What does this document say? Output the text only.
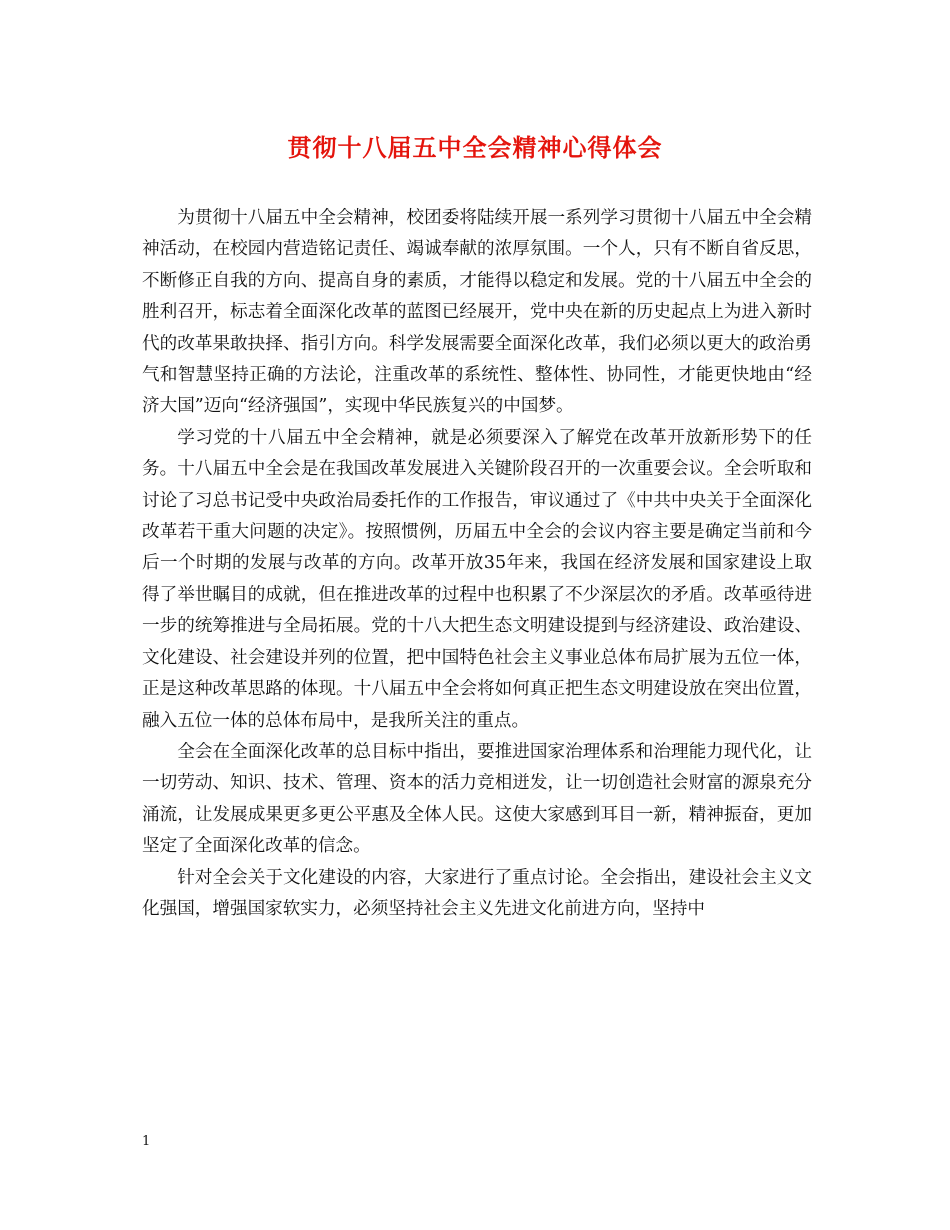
贯彻十八届五中全会精神心得体会

为贯彻十八届五中全会精神，校团委将陆续开展一系列学习贯彻十八届五中全会精神活动，在校园内营造铭记责任、竭诚奉献的浓厚氛围。一个人，只有不断自省反思，不断修正自我的方向、提高自身的素质，才能得以稳定和发展。党的十八届五中全会的胜利召开，标志着全面深化改革的蓝图已经展开，党中央在新的历史起点上为进入新时代的改革果敢抉择、指引方向。科学发展需要全面深化改革，我们必须以更大的政治勇气和智慧坚持正确的方法论，注重改革的系统性、整体性、协同性，才能更快地由“经济大国”迈向“经济强国”，实现中华民族复兴的中国梦。

学习党的十八届五中全会精神，就是必须要深入了解党在改革开放新形势下的任务。十八届五中全会是在我国改革发展进入关键阶段召开的一次重要会议。全会听取和讨论了习总书记受中央政治局委托作的工作报告，审议通过了《中共中央关于全面深化改革若干重大问题的决定》。按照惯例，历届五中全会的会议内容主要是确定当前和今后一个时期的发展与改革的方向。改革开放35年来，我国在经济发展和国家建设上取得了举世瞩目的成就，但在推进改革的过程中也积累了不少深层次的矛盾。改革亟待进一步的统筹推进与全局拓展。党的十八大把生态文明建设提到与经济建设、政治建设、文化建设、社会建设并列的位置，把中国特色社会主义事业总体布局扩展为五位一体，正是这种改革思路的体现。十八届五中全会将如何真正把生态文明建设放在突出位置，融入五位一体的总体布局中，是我所关注的重点。

全会在全面深化改革的总目标中指出，要推进国家治理体系和治理能力现代化，让一切劳动、知识、技术、管理、资本的活力竞相迸发，让一切创造社会财富的源泉充分涌流，让发展成果更多更公平惠及全体人民。这使大家感到耳目一新，精神振奋，更加坚定了全面深化改革的信念。

针对全会关于文化建设的内容，大家进行了重点讨论。全会指出，建设社会主义文化强国，增强国家软实力，必须坚持社会主义先进文化前进方向，坚持中

1
